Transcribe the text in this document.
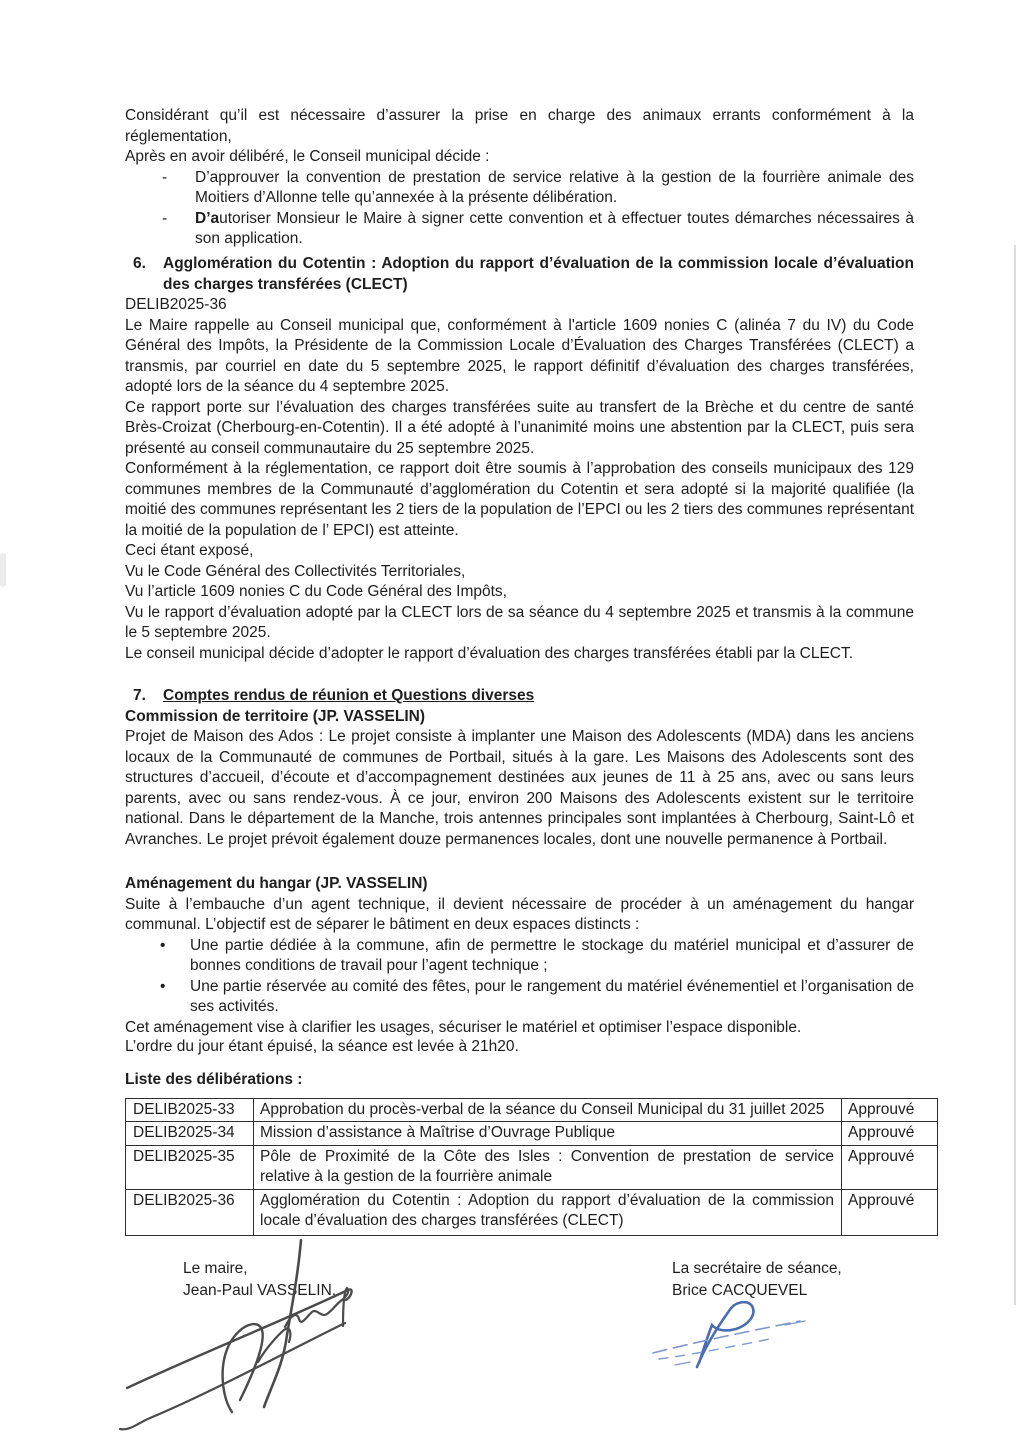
Considérant qu’il est nécessaire d’assurer la prise en charge des animaux errants conformément à la réglementation,

Après en avoir délibéré, le Conseil municipal décide :

-	D’approuver la convention de prestation de service relative à la gestion de la fourrière animale des Moitiers d’Allonne telle qu’annexée à la présente délibération.
-	D’autoriser Monsieur le Maire à signer cette convention et à effectuer toutes démarches nécessaires à son application.
6.	Agglomération du Cotentin : Adoption du rapport d’évaluation de la commission locale d’évaluation des charges transférées (CLECT)

DELIB2025-36

Le Maire rappelle au Conseil municipal que, conformément à l'article 1609 nonies C (alinéa 7 du IV) du Code Général des Impôts, la Présidente de la Commission Locale d’Évaluation des Charges Transférées (CLECT) a transmis, par courriel en date du 5 septembre 2025, le rapport définitif d’évaluation des charges transférées, adopté lors de la séance du 4 septembre 2025.

Ce rapport porte sur l’évaluation des charges transférées suite au transfert de la Brèche et du centre de santé Brès-Croizat (Cherbourg-en-Cotentin). Il a été adopté à l’unanimité moins une abstention par la CLECT, puis sera présenté au conseil communautaire du 25 septembre 2025.

Conformément à la réglementation, ce rapport doit être soumis à l’approbation des conseils municipaux des 129 communes membres de la Communauté d’agglomération du Cotentin et sera adopté si la majorité qualifiée (la moitié des communes représentant les 2 tiers de la population de l’EPCI ou les 2 tiers des communes représentant la moitié de la population de l’ EPCI) est atteinte.

Ceci étant exposé,

Vu le Code Général des Collectivités Territoriales,

Vu l’article 1609 nonies C du Code Général des Impôts,

Vu le rapport d’évaluation adopté par la CLECT lors de sa séance du 4 septembre 2025 et transmis à la commune le 5 septembre 2025.

Le conseil municipal décide d’adopter le rapport d’évaluation des charges transférées établi par la CLECT.

7.	Comptes rendus de réunion et Questions diverses

Commission de territoire (JP. VASSELIN)

Projet de Maison des Ados : Le projet consiste à implanter une Maison des Adolescents (MDA) dans les anciens locaux de la Communauté de communes de Portbail, situés à la gare. Les Maisons des Adolescents sont des structures d’accueil, d’écoute et d’accompagnement destinées aux jeunes de 11 à 25 ans, avec ou sans leurs parents, avec ou sans rendez-vous. À ce jour, environ 200 Maisons des Adolescents existent sur le territoire national. Dans le département de la Manche, trois antennes principales sont implantées à Cherbourg, Saint-Lô et Avranches. Le projet prévoit également douze permanences locales, dont une nouvelle permanence à Portbail.

Aménagement du hangar (JP. VASSELIN)

Suite à l’embauche d’un agent technique, il devient nécessaire de procéder à un aménagement du hangar communal. L’objectif est de séparer le bâtiment en deux espaces distincts :

•	Une partie dédiée à la commune, afin de permettre le stockage du matériel municipal et d’assurer de bonnes conditions de travail pour l’agent technique ;
•	Une partie réservée au comité des fêtes, pour le rangement du matériel événementiel et l’organisation de ses activités.

Cet aménagement vise à clarifier les usages, sécuriser le matériel et optimiser l’espace disponible.

L’ordre du jour étant épuisé, la séance est levée à 21h20.

Liste des délibérations :

DELIB2025-33	Approbation du procès-verbal de la séance du Conseil Municipal du 31 juillet 2025	Approuvé
DELIB2025-34	Mission d’assistance à Maîtrise d’Ouvrage Publique	Approuvé
DELIB2025-35	Pôle de Proximité de la Côte des Isles : Convention de prestation de service relative à la gestion de la fourrière animale	Approuvé
DELIB2025-36	Agglomération du Cotentin : Adoption du rapport d’évaluation de la commission locale d’évaluation des charges transférées (CLECT)	Approuvé

Le maire,

Jean-Paul VASSELIN,

La secrétaire de séance,

Brice CACQUEVEL
